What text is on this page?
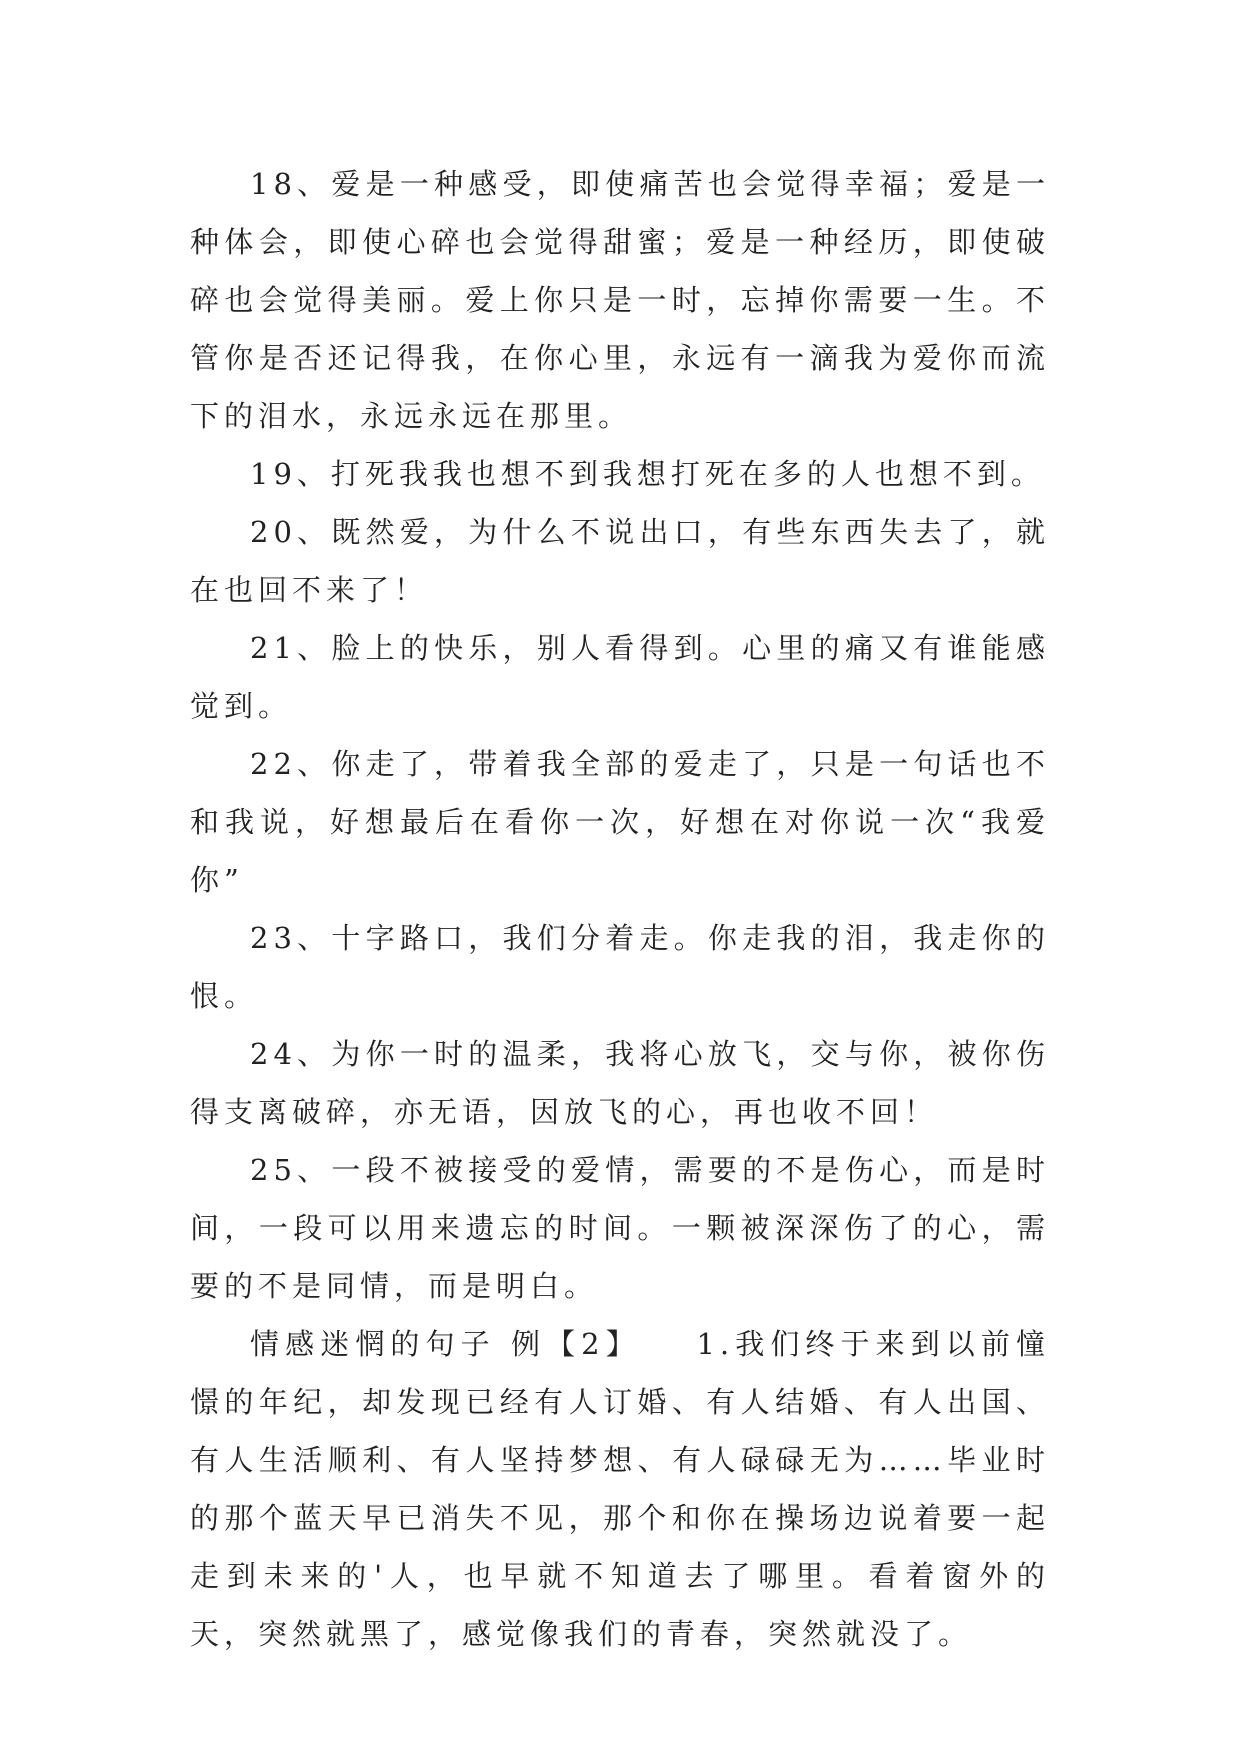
18、爱是一种感受，即使痛苦也会觉得幸福；爱是一种体会，即使心碎也会觉得甜蜜；爱是一种经历，即使破碎也会觉得美丽。爱上你只是一时，忘掉你需要一生。不管你是否还记得我，在你心里，永远有一滴我为爱你而流下的泪水，永远永远在那里。

19、打死我我也想不到我想打死在多的人也想不到。

20、既然爱，为什么不说出口，有些东西失去了，就在也回不来了！

21、脸上的快乐，别人看得到。心里的痛又有谁能感觉到。

22、你走了，带着我全部的爱走了，只是一句话也不和我说，好想最后在看你一次，好想在对你说一次“我爱你”

23、十字路口，我们分着走。你走我的泪，我走你的恨。

24、为你一时的温柔，我将心放飞，交与你，被你伤得支离破碎，亦无语，因放飞的心，再也收不回！

25、一段不被接受的爱情，需要的不是伤心，而是时间，一段可以用来遗忘的时间。一颗被深深伤了的心，需要的不是同情，而是明白。

情感迷惘的句子 例【2】　　1.我们终于来到以前憧憬的年纪，却发现已经有人订婚、有人结婚、有人出国、有人生活顺利、有人坚持梦想、有人碌碌无为……毕业时的那个蓝天早已消失不见，那个和你在操场边说着要一起走到未来的'人，也早就不知道去了哪里。看着窗外的天，突然就黑了，感觉像我们的青春，突然就没了。
